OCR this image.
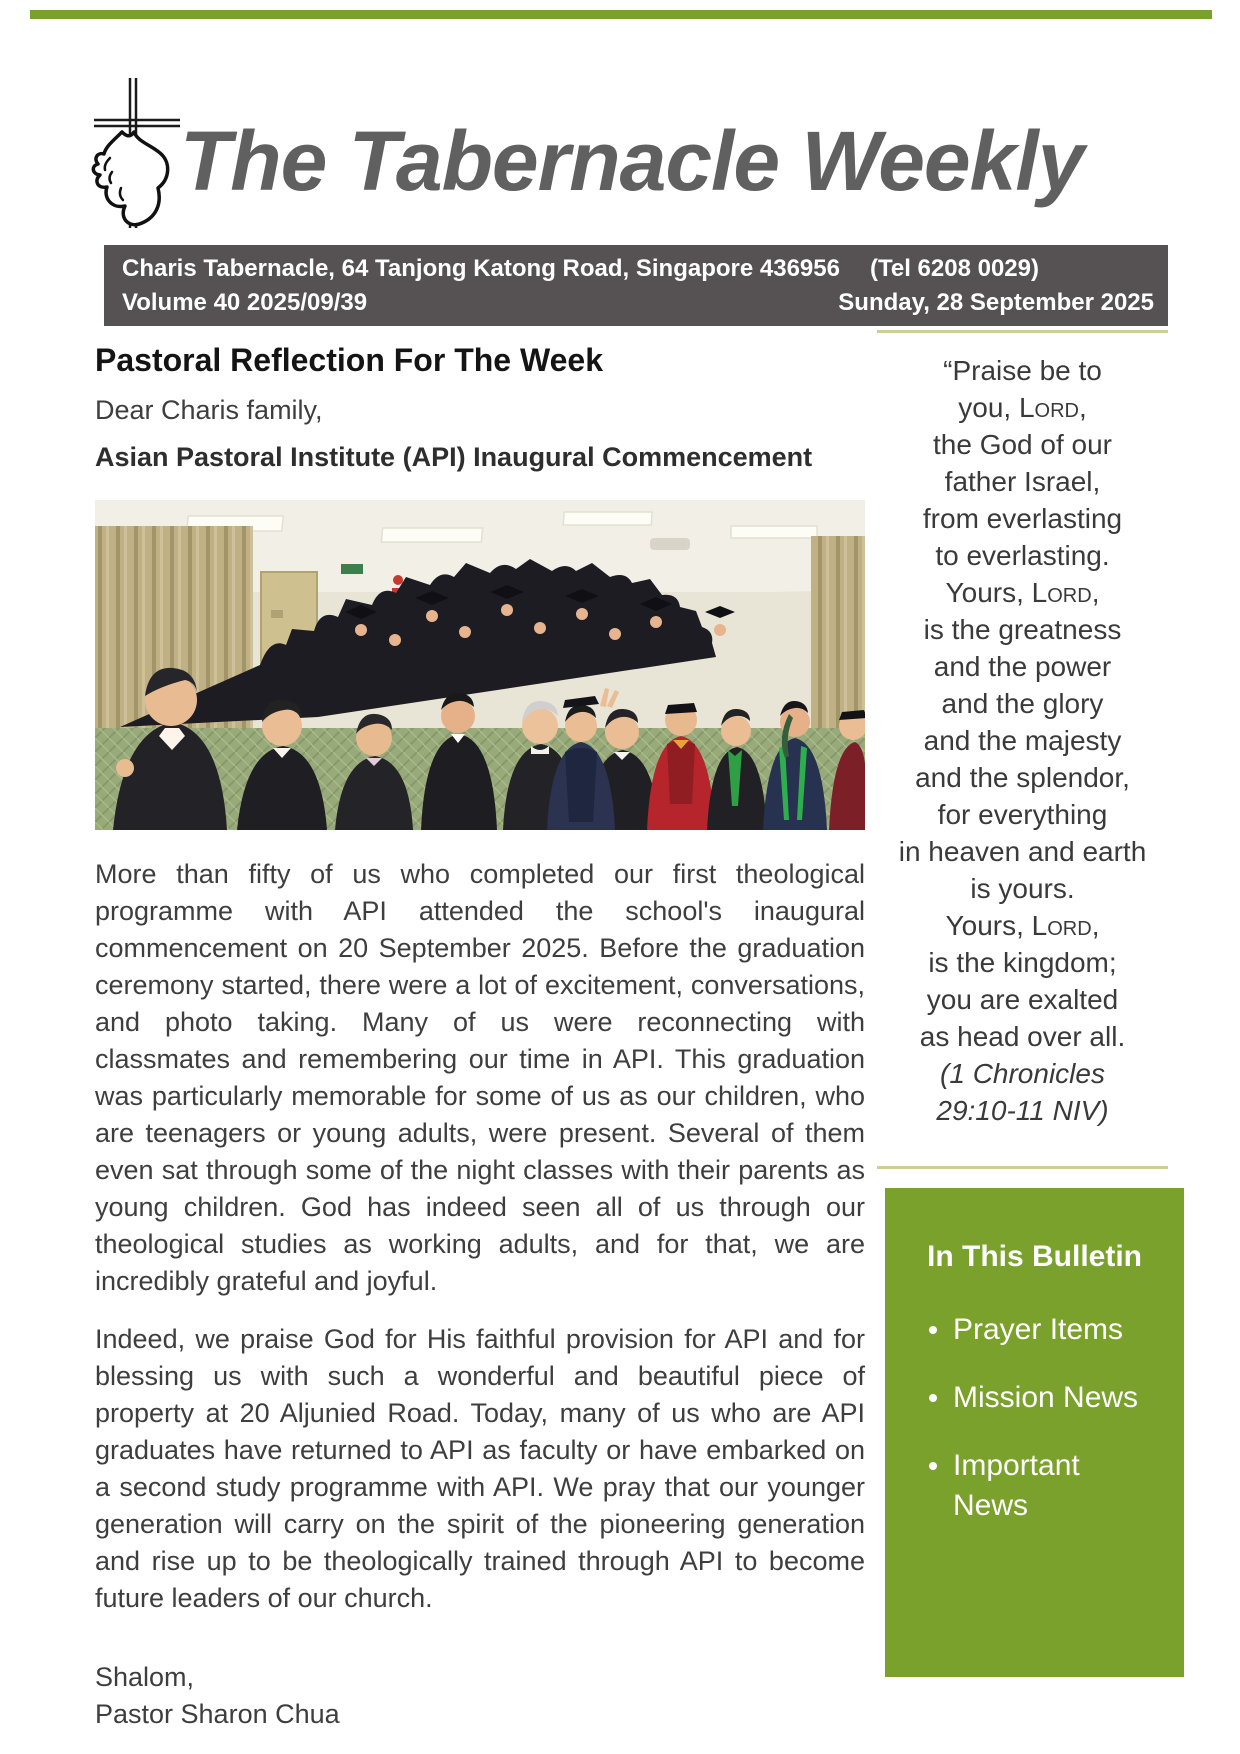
The Tabernacle Weekly
Charis Tabernacle, 64 Tanjong Katong Road, Singapore 436956 (Tel 6208 0029)
Volume 40 2025/09/39	Sunday, 28 September 2025
Pastoral Reflection For The Week
Dear Charis family,
Asian Pastoral Institute (API) Inaugural Commencement

More than fifty of us who completed our first theological programme with API attended the school's inaugural commencement on 20 September 2025. Before the graduation ceremony started, there were a lot of excitement, conversations, and photo taking. Many of us were reconnecting with classmates and remembering our time in API. This graduation was particularly memorable for some of us as our children, who are teenagers or young adults, were present. Several of them even sat through some of the night classes with their parents as young children. God has indeed seen all of us through our theological studies as working adults, and for that, we are incredibly grateful and joyful.

Indeed, we praise God for His faithful provision for API and for blessing us with such a wonderful and beautiful piece of property at 20 Aljunied Road. Today, many of us who are API graduates have returned to API as faculty or have embarked on a second study programme with API. We pray that our younger generation will carry on the spirit of the pioneering generation and rise up to be theologically trained through API to become future leaders of our church.

Shalom,
Pastor Sharon Chua
“Praise be to
you, Lord,
the God of our
father Israel,
from everlasting
to everlasting.
Yours, Lord,
is the greatness
and the power
and the glory
and the majesty
and the splendor,
for everything
in heaven and earth
is yours.
Yours, Lord,
is the kingdom;
you are exalted
as head over all.
(1 Chronicles
29:10-11 NIV)
In This Bulletin
Prayer Items
Mission News
Important News
